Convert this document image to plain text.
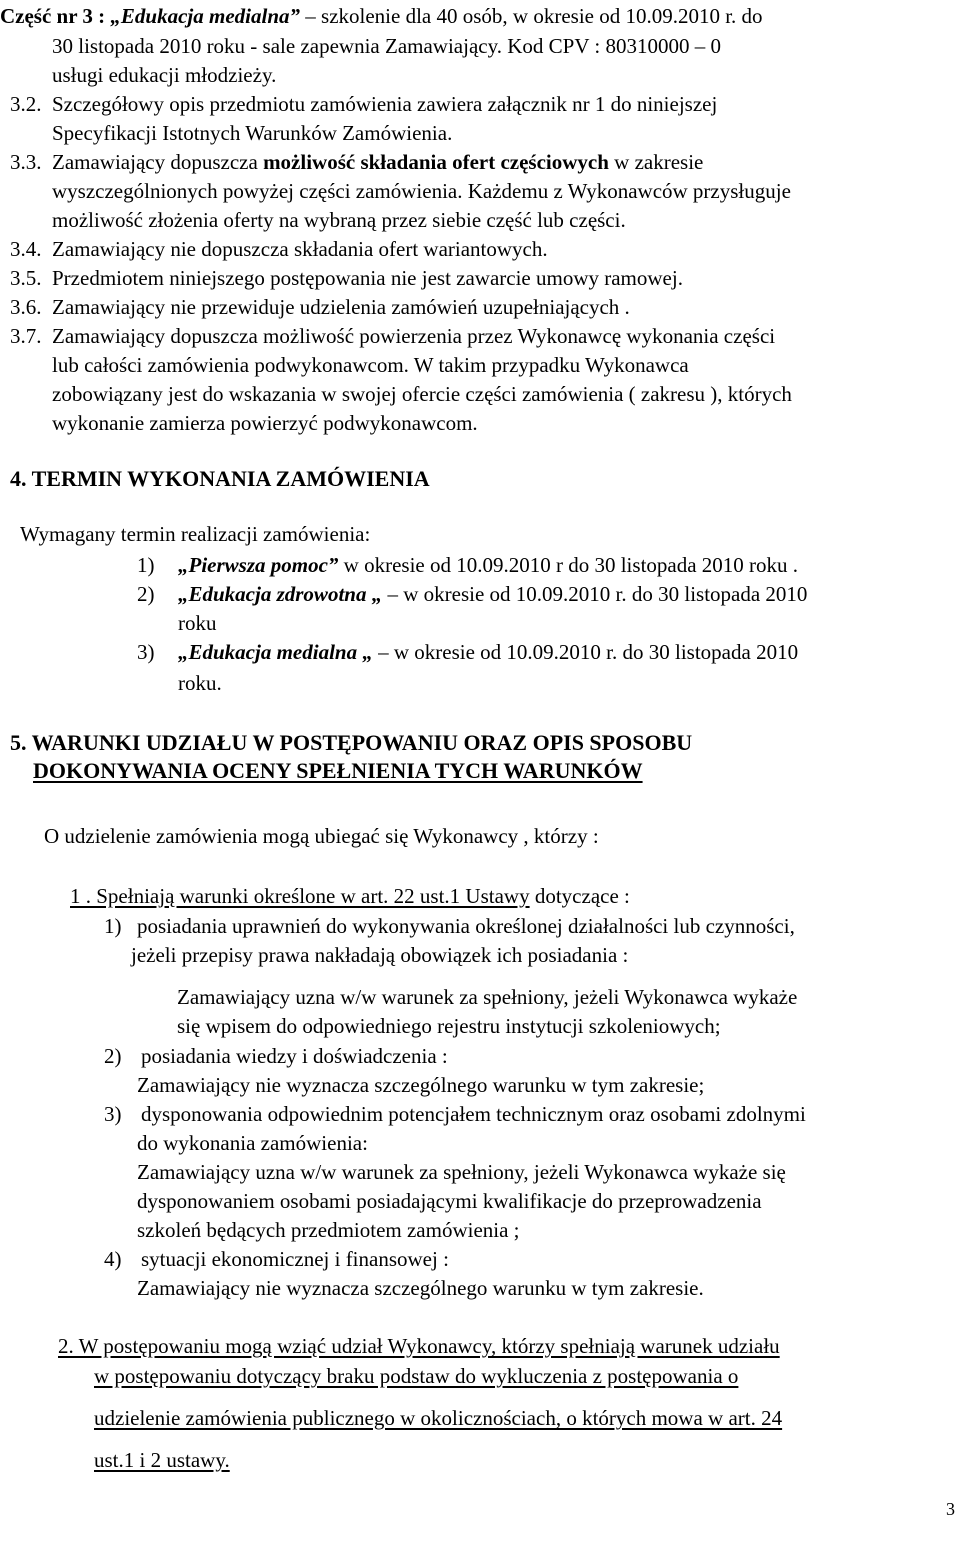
Część nr 3 : „Edukacja medialna” – szkolenie dla 40 osób, w okresie od 10.09.2010 r. do
30 listopada 2010 roku - sale zapewnia Zamawiający. Kod CPV : 80310000 – 0
usługi edukacji młodzieży.
3.2. Szczegółowy opis przedmiotu zamówienia zawiera załącznik nr 1 do niniejszej
Specyfikacji Istotnych Warunków Zamówienia.
3.3. Zamawiający dopuszcza możliwość składania ofert częściowych w zakresie
wyszczególnionych powyżej części zamówienia. Każdemu z Wykonawców przysługuje
możliwość złożenia oferty na wybraną przez siebie część lub części.
3.4. Zamawiający nie dopuszcza składania ofert wariantowych.
3.5. Przedmiotem niniejszego postępowania nie jest zawarcie umowy ramowej.
3.6. Zamawiający nie przewiduje udzielenia zamówień uzupełniających .
3.7. Zamawiający dopuszcza możliwość powierzenia przez Wykonawcę wykonania części
lub całości zamówienia podwykonawcom. W takim przypadku Wykonawca
zobowiązany jest do wskazania w swojej ofercie części zamówienia ( zakresu ), których
wykonanie zamierza powierzyć podwykonawcom.
4. TERMIN WYKONANIA ZAMÓWIENIA
Wymagany termin realizacji zamówienia:
1) „Pierwsza pomoc” w okresie od 10.09.2010 r do 30 listopada 2010 roku .
2) „Edukacja zdrowotna „ – w okresie od 10.09.2010 r. do 30 listopada 2010
roku
3) „Edukacja medialna „ – w okresie od 10.09.2010 r. do 30 listopada 2010
roku.
5. WARUNKI UDZIAŁU W POSTĘPOWANIU ORAZ OPIS SPOSOBU
DOKONYWANIA OCENY SPEŁNIENIA TYCH WARUNKÓW
O udzielenie zamówienia mogą ubiegać się Wykonawcy , którzy :
1 . Spełniają warunki określone w art. 22 ust.1 Ustawy dotyczące :
1) posiadania uprawnień do wykonywania określonej działalności lub czynności,
jeżeli przepisy prawa nakładają obowiązek ich posiadania :
Zamawiający uzna w/w warunek za spełniony, jeżeli Wykonawca wykaże
się wpisem do odpowiedniego rejestru instytucji szkoleniowych;
2) posiadania wiedzy i doświadczenia :
Zamawiający nie wyznacza szczególnego warunku w tym zakresie;
3) dysponowania odpowiednim potencjałem technicznym oraz osobami zdolnymi
do wykonania zamówienia:
Zamawiający uzna w/w warunek za spełniony, jeżeli Wykonawca wykaże się
dysponowaniem osobami posiadającymi kwalifikacje do przeprowadzenia
szkoleń będących przedmiotem zamówienia ;
4) sytuacji ekonomicznej i finansowej :
Zamawiający nie wyznacza szczególnego warunku w tym zakresie.
2. W postępowaniu mogą wziąć udział Wykonawcy, którzy spełniają warunek udziału
w postępowaniu dotyczący braku podstaw do wykluczenia z postępowania o
udzielenie zamówienia publicznego w okolicznościach, o których mowa w art. 24
ust.1 i 2 ustawy.
3
